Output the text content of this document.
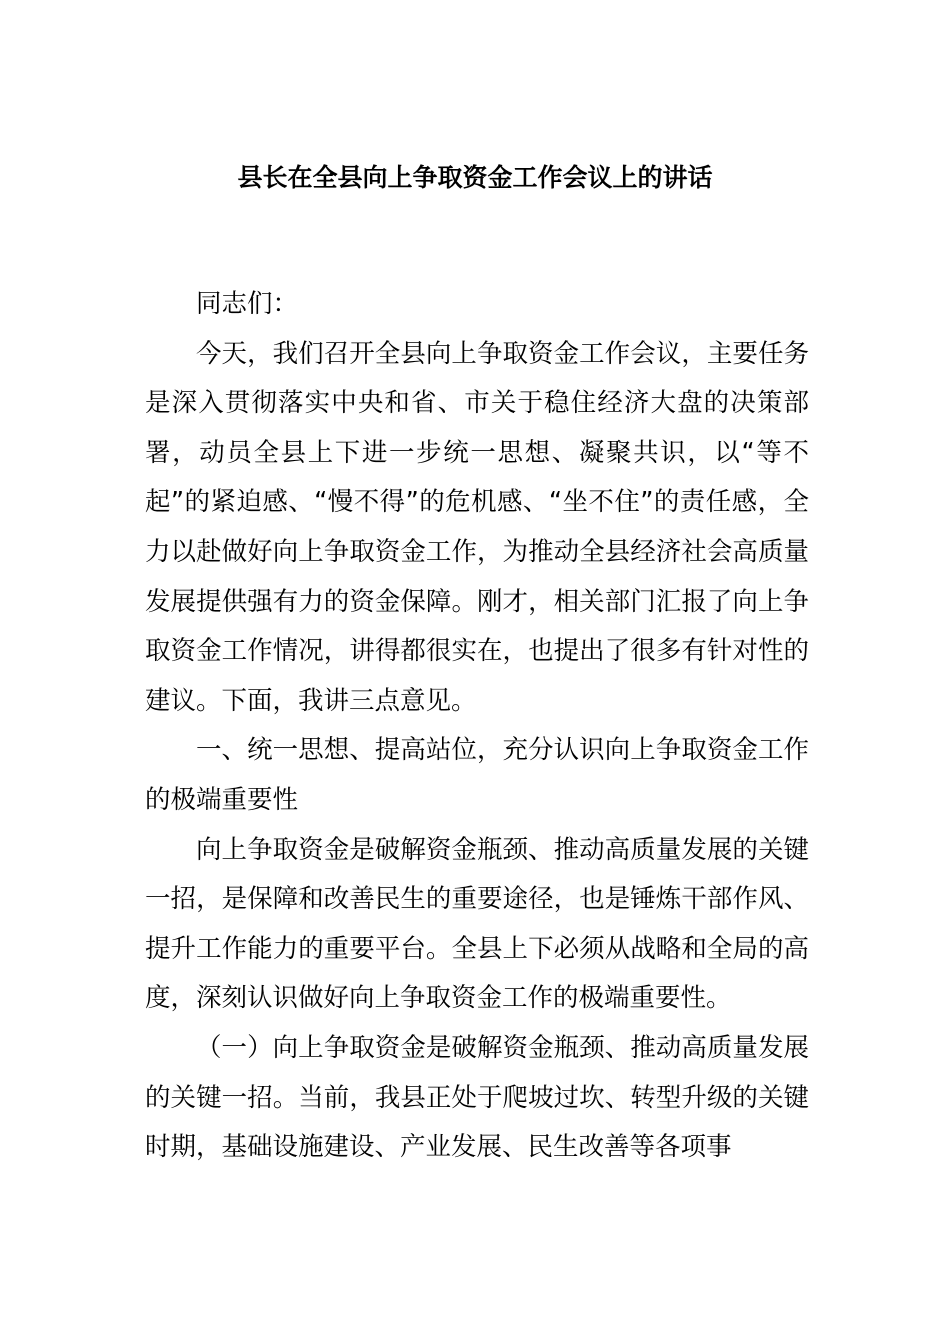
县长在全县向上争取资金工作会议上的讲话

同志们：

今天，我们召开全县向上争取资金工作会议，主要任务是深入贯彻落实中央和省、市关于稳住经济大盘的决策部署，动员全县上下进一步统一思想、凝聚共识，以“等不起”的紧迫感、“慢不得”的危机感、“坐不住”的责任感，全力以赴做好向上争取资金工作，为推动全县经济社会高质量发展提供强有力的资金保障。刚才，相关部门汇报了向上争取资金工作情况，讲得都很实在，也提出了很多有针对性的建议。下面，我讲三点意见。

一、统一思想、提高站位，充分认识向上争取资金工作的极端重要性

向上争取资金是破解资金瓶颈、推动高质量发展的关键一招，是保障和改善民生的重要途径，也是锤炼干部作风、提升工作能力的重要平台。全县上下必须从战略和全局的高度，深刻认识做好向上争取资金工作的极端重要性。

（一）向上争取资金是破解资金瓶颈、推动高质量发展的关键一招。当前，我县正处于爬坡过坎、转型升级的关键时期，基础设施建设、产业发展、民生改善等各项事
